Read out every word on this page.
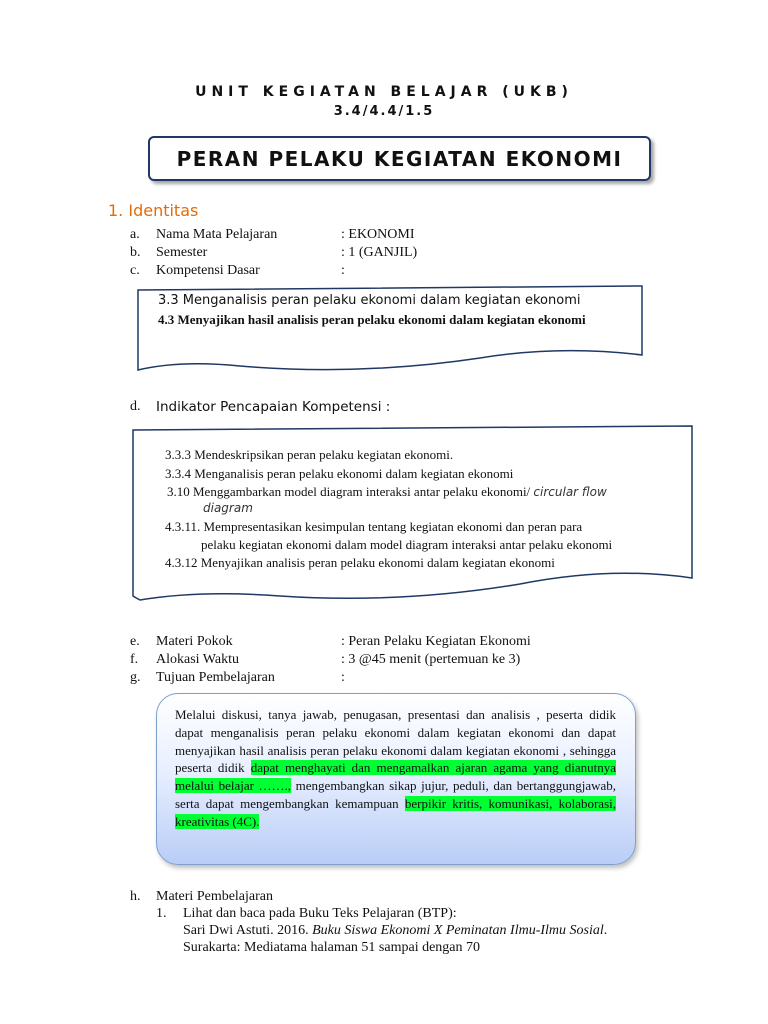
UNIT KEGIATAN BELAJAR (UKB)
3.4/4.4/1.5
PERAN PELAKU KEGIATAN EKONOMI
1. Identitas
a. Nama Mata Pelajaran	: EKONOMI
b. Semester	: 1 (GANJIL)
c. Kompetensi Dasar	:
3.3 Menganalisis peran pelaku ekonomi dalam kegiatan ekonomi
4.3 Menyajikan hasil analisis peran pelaku ekonomi dalam kegiatan ekonomi
d. Indikator Pencapaian Kompetensi :
3.3.3 Mendeskripsikan peran pelaku kegiatan ekonomi.
3.3.4 Menganalisis peran pelaku ekonomi dalam kegiatan ekonomi
3.10 Menggambarkan model diagram interaksi antar pelaku ekonomi/ circular flow
diagram
4.3.11. Mempresentasikan kesimpulan tentang kegiatan ekonomi dan peran para
pelaku kegiatan ekonomi dalam model diagram interaksi antar pelaku ekonomi
4.3.12 Menyajikan analisis peran pelaku ekonomi dalam kegiatan ekonomi
e. Materi Pokok	: Peran Pelaku Kegiatan Ekonomi
f. Alokasi Waktu	: 3 @45 menit (pertemuan ke 3)
g. Tujuan Pembelajaran	:
Melalui diskusi, tanya jawab, penugasan, presentasi dan analisis , peserta didik dapat menganalisis peran pelaku ekonomi dalam kegiatan ekonomi dan dapat menyajikan hasil analisis peran pelaku ekonomi dalam kegiatan ekonomi , sehingga peserta didik dapat menghayati dan mengamalkan ajaran agama yang dianutnya melalui belajar ……., mengembangkan sikap jujur, peduli, dan bertanggungjawab, serta dapat mengembangkan kemampuan berpikir kritis, komunikasi, kolaborasi, kreativitas (4C).
h. Materi Pembelajaran
1. Lihat dan baca pada Buku Teks Pelajaran (BTP):
Sari Dwi Astuti. 2016. Buku Siswa Ekonomi X Peminatan Ilmu-Ilmu Sosial.
Surakarta: Mediatama halaman 51 sampai dengan 70
